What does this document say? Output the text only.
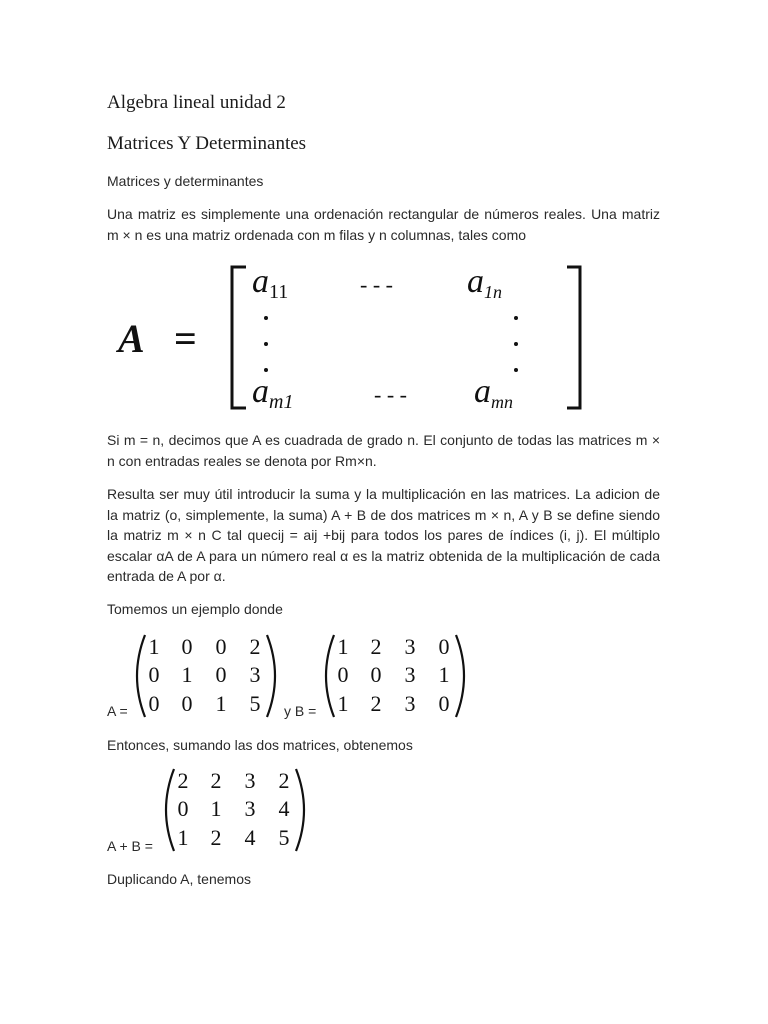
Algebra lineal unidad 2
Matrices Y Determinantes
Matrices y determinantes
Una matriz es simplemente una ordenación rectangular de números reales. Una matriz m × n es una matriz ordenada con m filas y n columnas, tales como
Si m = n, decimos que A es cuadrada de grado n. El conjunto de todas las matrices m × n con entradas reales se denota por Rm×n.
Resulta ser muy útil introducir la suma y la multiplicación en las matrices. La adicion de la matriz (o, simplemente, la suma) A + B de dos matrices m × n, A y B se define siendo la matriz m × n C tal quecij = aij +bij para todos los pares de índices (i, j). El múltiplo escalar αA de A para un número real α es la matriz obtenida de la multiplicación de cada entrada de A por α.
Tomemos un ejemplo donde
Entonces, sumando las dos matrices, obtenemos
Duplicando A, tenemos
A =
a11	- - - a1n
am1	- - - amn
A =
1 0 0 2
0 1 0 3
0 0 1 5 y B =
1 2 3 0
0 0 3 1
1 2 3 0
A + B =
2 2 3 2
0 1 3 4
1 2 4 5
